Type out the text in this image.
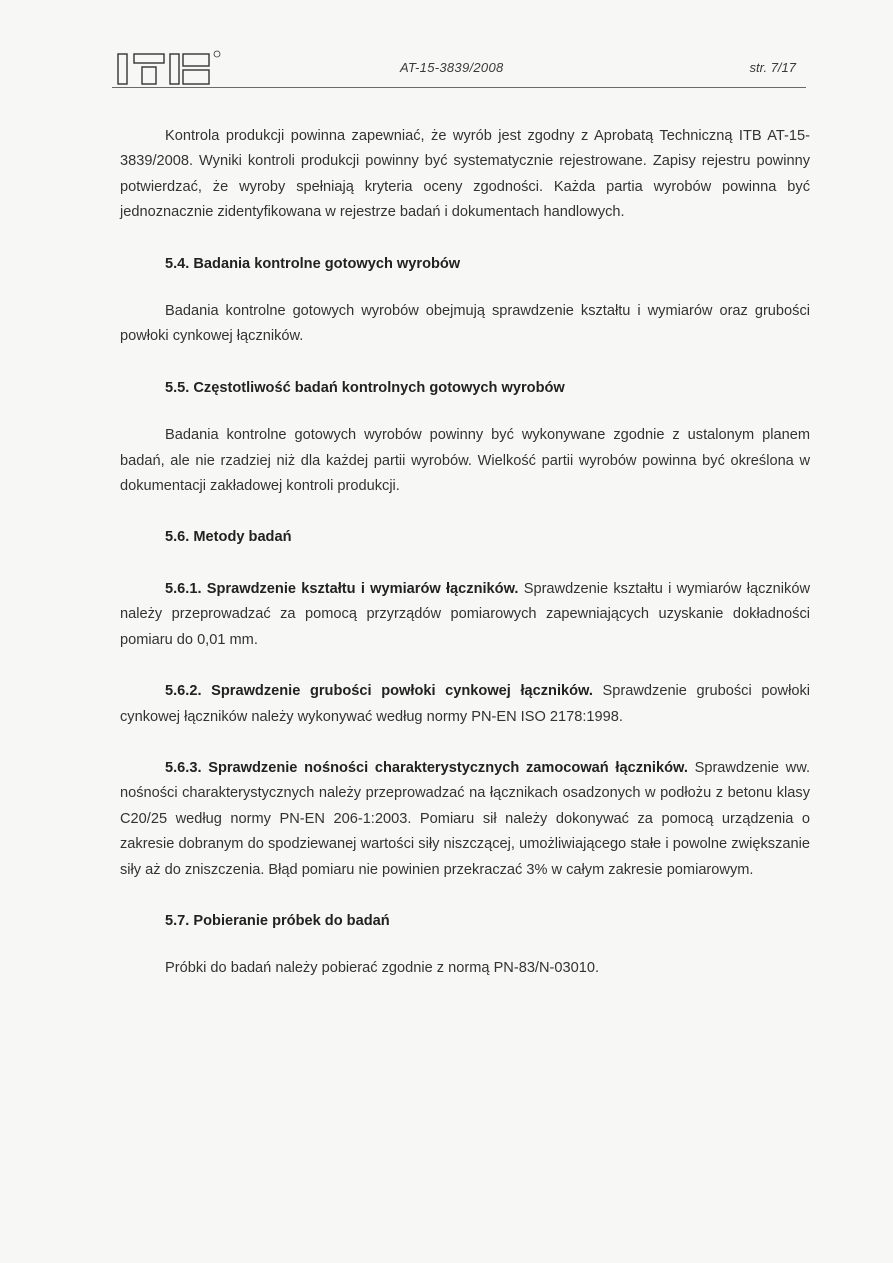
AT-15-3839/2008	str. 7/17

Kontrola produkcji powinna zapewniać, że wyrób jest zgodny z Aprobatą Techniczną ITB AT-15-3839/2008. Wyniki kontroli produkcji powinny być systematycznie rejestrowane. Zapisy rejestru powinny potwierdzać, że wyroby spełniają kryteria oceny zgodności. Każda partia wyrobów powinna być jednoznacznie zidentyfikowana w rejestrze badań i dokumentach handlowych.

5.4. Badania kontrolne gotowych wyrobów

Badania kontrolne gotowych wyrobów obejmują sprawdzenie kształtu i wymiarów oraz grubości powłoki cynkowej łączników.

5.5. Częstotliwość badań kontrolnych gotowych wyrobów

Badania kontrolne gotowych wyrobów powinny być wykonywane zgodnie z ustalonym planem badań, ale nie rzadziej niż dla każdej partii wyrobów. Wielkość partii wyrobów powinna być określona w dokumentacji zakładowej kontroli produkcji.

5.6. Metody badań

5.6.1. Sprawdzenie kształtu i wymiarów łączników. Sprawdzenie kształtu i wymiarów łączników należy przeprowadzać za pomocą przyrządów pomiarowych zapewniających uzyskanie dokładności pomiaru do 0,01 mm.

5.6.2. Sprawdzenie grubości powłoki cynkowej łączników. Sprawdzenie grubości powłoki cynkowej łączników należy wykonywać według normy PN-EN ISO 2178:1998.

5.6.3. Sprawdzenie nośności charakterystycznych zamocowań łączników. Sprawdzenie ww. nośności charakterystycznych należy przeprowadzać na łącznikach osadzonych w podłożu z betonu klasy C20/25 według normy PN-EN 206-1:2003. Pomiaru sił należy dokonywać za pomocą urządzenia o zakresie dobranym do spodziewanej wartości siły niszczącej, umożliwiającego stałe i powolne zwiększanie siły aż do zniszczenia. Błąd pomiaru nie powinien przekraczać 3% w całym zakresie pomiarowym.

5.7. Pobieranie próbek do badań

Próbki do badań należy pobierać zgodnie z normą PN-83/N-03010.
